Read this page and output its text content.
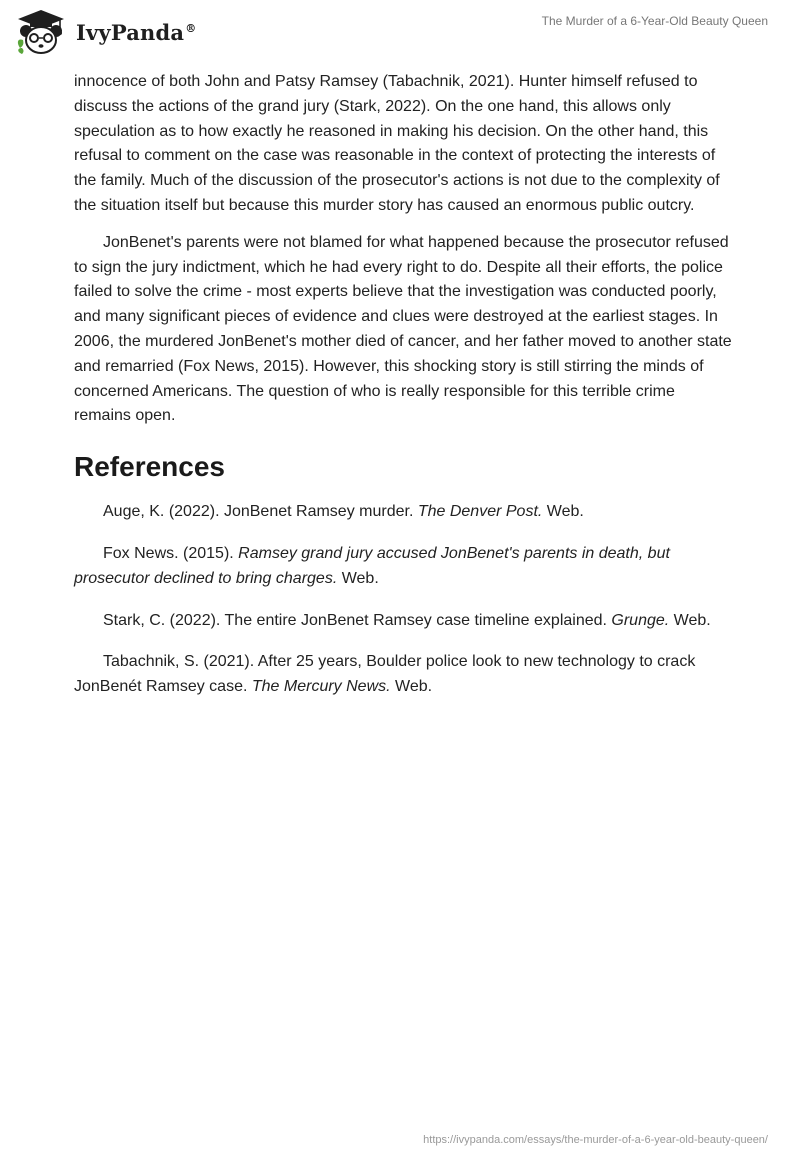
IvyPanda®	The Murder of a 6-Year-Old Beauty Queen

innocence of both John and Patsy Ramsey (Tabachnik, 2021). Hunter himself refused to discuss the actions of the grand jury (Stark, 2022). On the one hand, this allows only speculation as to how exactly he reasoned in making his decision. On the other hand, this refusal to comment on the case was reasonable in the context of protecting the interests of the family. Much of the discussion of the prosecutor's actions is not due to the complexity of the situation itself but because this murder story has caused an enormous public outcry.

JonBenet's parents were not blamed for what happened because the prosecutor refused to sign the jury indictment, which he had every right to do. Despite all their efforts, the police failed to solve the crime - most experts believe that the investigation was conducted poorly, and many significant pieces of evidence and clues were destroyed at the earliest stages. In 2006, the murdered JonBenet's mother died of cancer, and her father moved to another state and remarried (Fox News, 2015). However, this shocking story is still stirring the minds of concerned Americans. The question of who is really responsible for this terrible crime remains open.

References

Auge, K. (2022). JonBenet Ramsey murder. The Denver Post. Web.

Fox News. (2015). Ramsey grand jury accused JonBenet's parents in death, but prosecutor declined to bring charges. Web.

Stark, C. (2022). The entire JonBenet Ramsey case timeline explained. Grunge. Web.

Tabachnik, S. (2021). After 25 years, Boulder police look to new technology to crack JonBenét Ramsey case. The Mercury News. Web.

https://ivypanda.com/essays/the-murder-of-a-6-year-old-beauty-queen/
